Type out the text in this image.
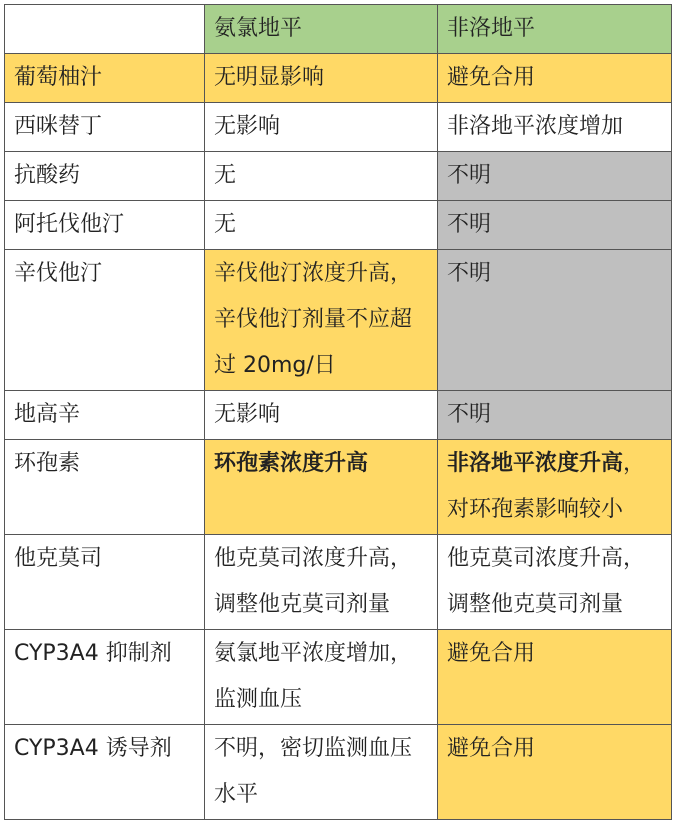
	氨氯地平	非洛地平
葡萄柚汁	无明显影响	避免合用
西咪替丁	无影响	非洛地平浓度增加
抗酸药	无	不明
阿托伐他汀	无	不明
辛伐他汀	辛伐他汀浓度升高，辛伐他汀剂量不应超过 20mg/日	不明
地高辛	无影响	不明
环孢素	环孢素浓度升高	非洛地平浓度升高，对环孢素影响较小
他克莫司	他克莫司浓度升高，调整他克莫司剂量	他克莫司浓度升高，调整他克莫司剂量
CYP3A4 抑制剂	氨氯地平浓度增加，监测血压	避免合用
CYP3A4 诱导剂	不明，密切监测血压水平	避免合用
